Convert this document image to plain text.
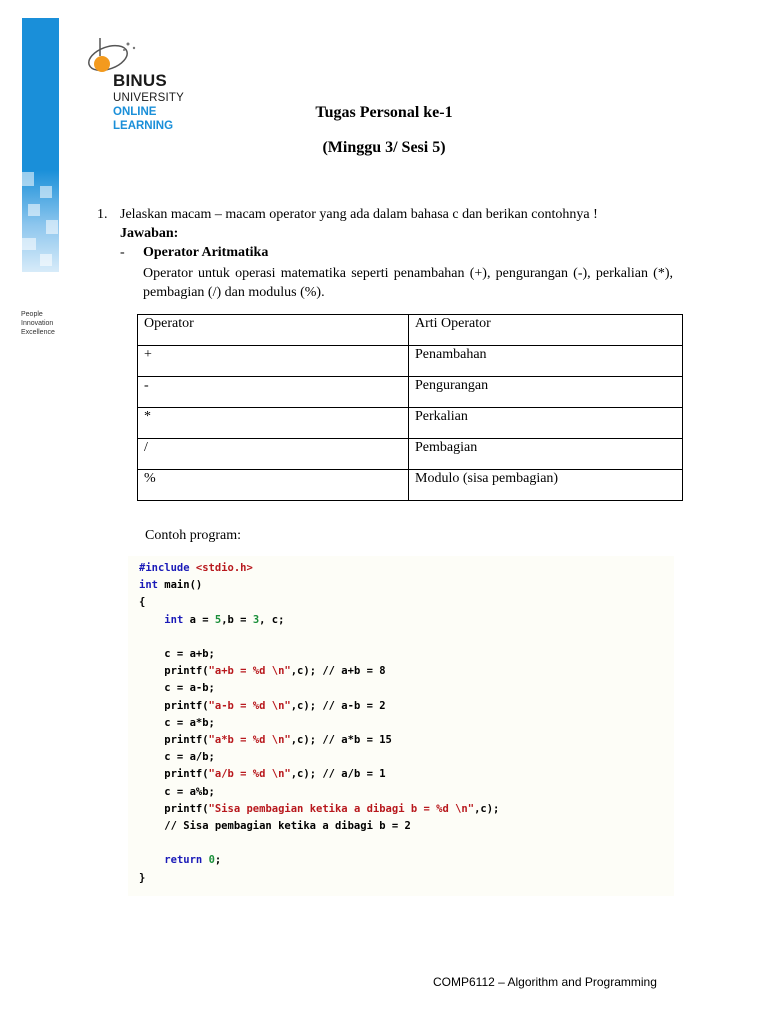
People
Innovation
Excellence
BINUS
UNIVERSITY
ONLINE
LEARNING
Tugas Personal ke-1
(Minggu 3/ Sesi 5)
1. Jelaskan macam – macam operator yang ada dalam bahasa c dan berikan contohnya !
Jawaban:
- Operator Aritmatika
Operator untuk operasi matematika seperti penambahan (+), pengurangan (-), perkalian (*), pembagian (/) dan modulus (%).
Operator	Arti Operator
+	Penambahan
-	Pengurangan
*	Perkalian
/	Pembagian
%	Modulo (sisa pembagian)
Contoh program:
#include <stdio.h>
int main()
{
int a = 5,b = 3, c;
c = a+b;
printf("a+b = %d \n",c); // a+b = 8
c = a-b;
printf("a-b = %d \n",c); // a-b = 2
c = a*b;
printf("a*b = %d \n",c); // a*b = 15
c = a/b;
printf("a/b = %d \n",c); // a/b = 1
c = a%b;
printf("Sisa pembagian ketika a dibagi b = %d \n",c);
// Sisa pembagian ketika a dibagi b = 2
return 0;
}
COMP6112 – Algorithm and Programming
